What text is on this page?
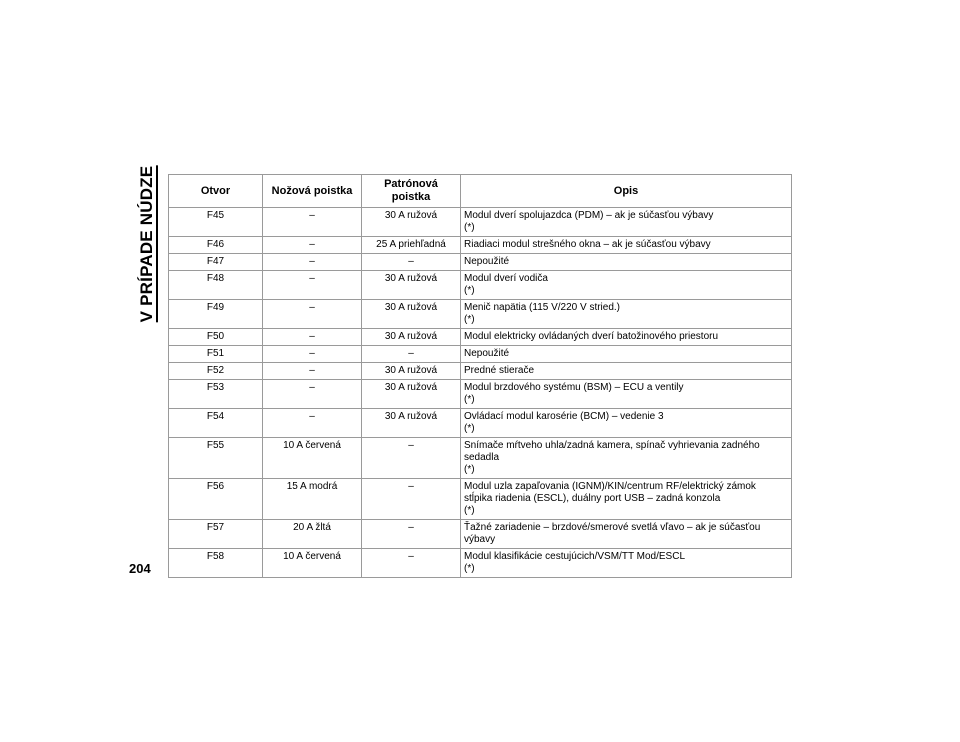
V PRÍPADE NÚDZE	Otvor	Nožová poistka	Patrónová poistka	Opis
F45	–	30 A ružová	Modul dverí spolujazdca (PDM) – ak je súčasťou výbavy
(*)

F46	–	25 A priehľadná	Riadiaci modul strešného okna – ak je súčasťou výbavy

F47	–	–	Nepoužité

F48	–	30 A ružová	Modul dverí vodiča
(*)

F49	–	30 A ružová	Menič napätia (115 V/220 V stried.)
(*)

F50	–	30 A ružová	Modul elektricky ovládaných dverí batožinového priestoru

F51	–	–	Nepoužité

F52	–	30 A ružová	Predné stierače

F53	–	30 A ružová	Modul brzdového systému (BSM) – ECU a ventily
(*)

F54	–	30 A ružová	Ovládací modul karosérie (BCM) – vedenie 3
(*)

F55	10 A červená	–	Snímače mŕtveho uhla/zadná kamera, spínač vyhrievania zadného
sedadla
(*)

F56	15 A modrá	–	Modul uzla zapaľovania (IGNM)/KIN/centrum RF/elektrický zámok
stĺpika riadenia (ESCL), duálny port USB – zadná konzola
(*)

F57	20 A žltá	–	Ťažné zariadenie – brzdové/smerové svetlá vľavo – ak je súčasťou
výbavy

F58	10 A červená	–	Modul klasifikácie cestujúcich/VSM/TT Mod/ESCL
(*)
204
